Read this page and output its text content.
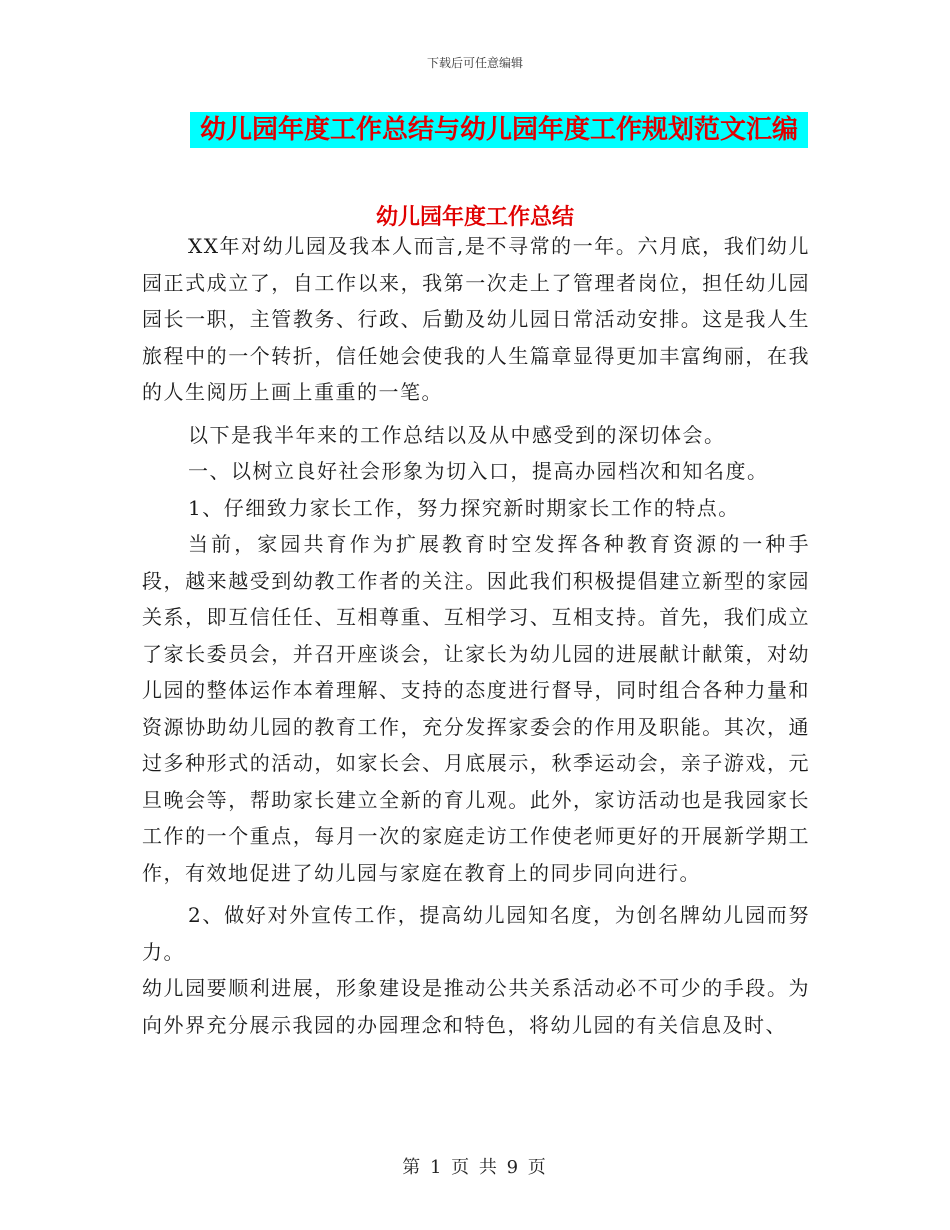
下载后可任意编辑
幼儿园年度工作总结与幼儿园年度工作规划范文汇编
幼儿园年度工作总结

XX年对幼儿园及我本人而言,是不寻常的一年。六月底，我们幼儿园正式成立了，自工作以来，我第一次走上了管理者岗位，担任幼儿园园长一职，主管教务、行政、后勤及幼儿园日常活动安排。这是我人生旅程中的一个转折，信任她会使我的人生篇章显得更加丰富绚丽，在我的人生阅历上画上重重的一笔。

以下是我半年来的工作总结以及从中感受到的深切体会。

一、以树立良好社会形象为切入口，提高办园档次和知名度。

1、仔细致力家长工作，努力探究新时期家长工作的特点。

当前，家园共育作为扩展教育时空发挥各种教育资源的一种手段，越来越受到幼教工作者的关注。因此我们积极提倡建立新型的家园关系，即互信任任、互相尊重、互相学习、互相支持。首先，我们成立了家长委员会，并召开座谈会，让家长为幼儿园的进展献计献策，对幼儿园的整体运作本着理解、支持的态度进行督导，同时组合各种力量和资源协助幼儿园的教育工作，充分发挥家委会的作用及职能。其次，通过多种形式的活动，如家长会、月底展示，秋季运动会，亲子游戏，元旦晚会等，帮助家长建立全新的育儿观。此外，家访活动也是我园家长工作的一个重点，每月一次的家庭走访工作使老师更好的开展新学期工作，有效地促进了幼儿园与家庭在教育上的同步同向进行。

2、做好对外宣传工作，提高幼儿园知名度，为创名牌幼儿园而努力。

幼儿园要顺利进展，形象建设是推动公共关系活动必不可少的手段。为向外界充分展示我园的办园理念和特色，将幼儿园的有关信息及时、

第 1 页 共 9 页
